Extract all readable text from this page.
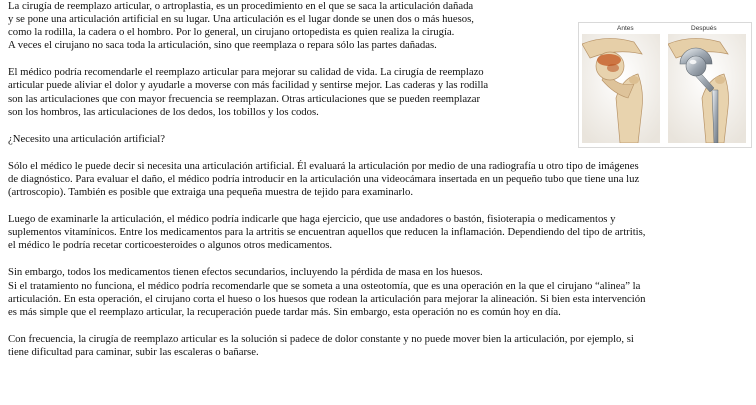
La cirugía de reemplazo articular, o artroplastia, es un procedimiento en el que se saca la articulación dañada
y se pone una articulación artificial en su lugar. Una articulación es el lugar donde se unen dos o más huesos,
como la rodilla, la cadera o el hombro. Por lo general, un cirujano ortopedista es quien realiza la cirugía.
A veces el cirujano no saca toda la articulación, sino que reemplaza o repara sólo las partes dañadas.

El médico podría recomendarle el reemplazo articular para mejorar su calidad de vida. La cirugía de reemplazo
articular puede aliviar el dolor y ayudarle a moverse con más facilidad y sentirse mejor. Las caderas y las rodilla
son las articulaciones que con mayor frecuencia se reemplazan. Otras articulaciones que se pueden reemplazar
son los hombros, las articulaciones de los dedos, los tobillos y los codos.

¿Necesito una articulación artificial?

Sólo el médico le puede decir si necesita una articulación artificial. Él evaluará la articulación por medio de una radiografía u otro tipo de imágenes
de diagnóstico. Para evaluar el daño, el médico podría introducir en la articulación una videocámara insertada en un pequeño tubo que tiene una luz
(artroscopio). También es posible que extraiga una pequeña muestra de tejido para examinarlo.

Luego de examinarle la articulación, el médico podría indicarle que haga ejercicio, que use andadores o bastón, fisioterapia o medicamentos y
suplementos vitamínicos. Entre los medicamentos para la artritis se encuentran aquellos que reducen la inflamación. Dependiendo del tipo de artritis,
el médico le podría recetar corticoesteroides o algunos otros medicamentos.

Sin embargo, todos los medicamentos tienen efectos secundarios, incluyendo la pérdida de masa en los huesos.
Si el tratamiento no funciona, el médico podría recomendarle que se someta a una osteotomía, que es una operación en la que el cirujano “alinea” la
articulación. En esta operación, el cirujano corta el hueso o los huesos que rodean la articulación para mejorar la alineación. Si bien esta intervención
es más simple que el reemplazo articular, la recuperación puede tardar más. Sin embargo, esta operación no es común hoy en día.

Con frecuencia, la cirugía de reemplazo articular es la solución si padece de dolor constante y no puede mover bien la articulación, por ejemplo, si
tiene dificultad para caminar, subir las escaleras o bañarse.

Antes	Después
